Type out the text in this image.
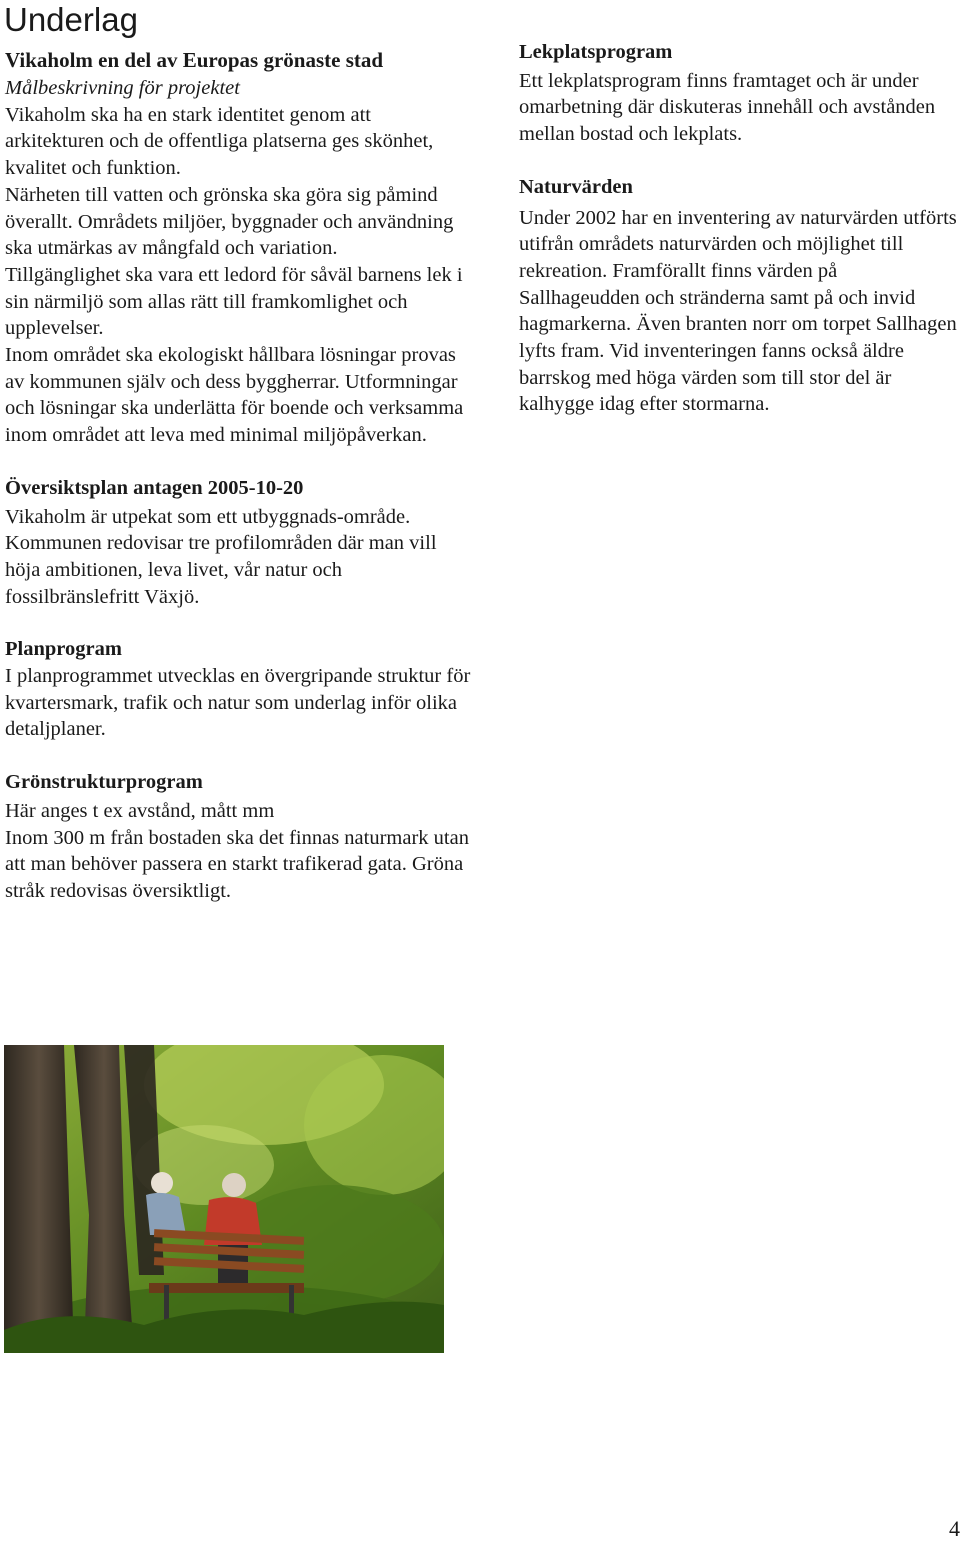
Underlag

Vikaholm en del av Europas grönaste stad

Målbeskrivning för projektet

Vikaholm ska ha en stark identitet genom att arkitekturen och de offentliga platserna ges skönhet, kvalitet och funktion.

Närheten till vatten och grönska ska göra sig påmind överallt. Områdets miljöer, byggnader och användning ska utmärkas av mångfald och variation.

Tillgänglighet ska vara ett ledord för såväl barnens lek i sin närmiljö som allas rätt till framkomlighet och upplevelser.

Inom området ska ekologiskt hållbara lösningar provas av kommunen själv och dess byggherrar. Utformningar och lösningar ska underlätta för boende och verksamma inom området att leva med minimal miljöpåverkan.

Översiktsplan antagen 2005-10-20

Vikaholm är utpekat som ett utbyggnads-område. Kommunen redovisar tre profilområden där man vill höja ambitionen, leva livet, vår natur och fossilbränslefritt Växjö.

Planprogram

I planprogrammet utvecklas en övergripande struktur för kvartersmark, trafik och natur som underlag inför olika detaljplaner.

Grönstrukturprogram

Här anges t ex avstånd, mått mm

Inom 300 m från bostaden ska det finnas naturmark utan att man behöver passera en starkt trafikerad gata. Gröna stråk redovisas översiktligt.

Lekplatsprogram

Ett lekplatsprogram finns framtaget och är under omarbetning där diskuteras innehåll och avstånden mellan bostad och lekplats.

Naturvärden

Under 2002 har en inventering av naturvärden utförts utifrån områdets naturvärden och möjlighet till rekreation. Framförallt finns värden på Sallhageudden och stränderna samt på och invid hagmarkerna. Även branten norr om torpet Sallhagen lyfts fram. Vid inventeringen fanns också äldre barrskog med höga värden som till stor del är kalhygge idag efter stormarna.

4
